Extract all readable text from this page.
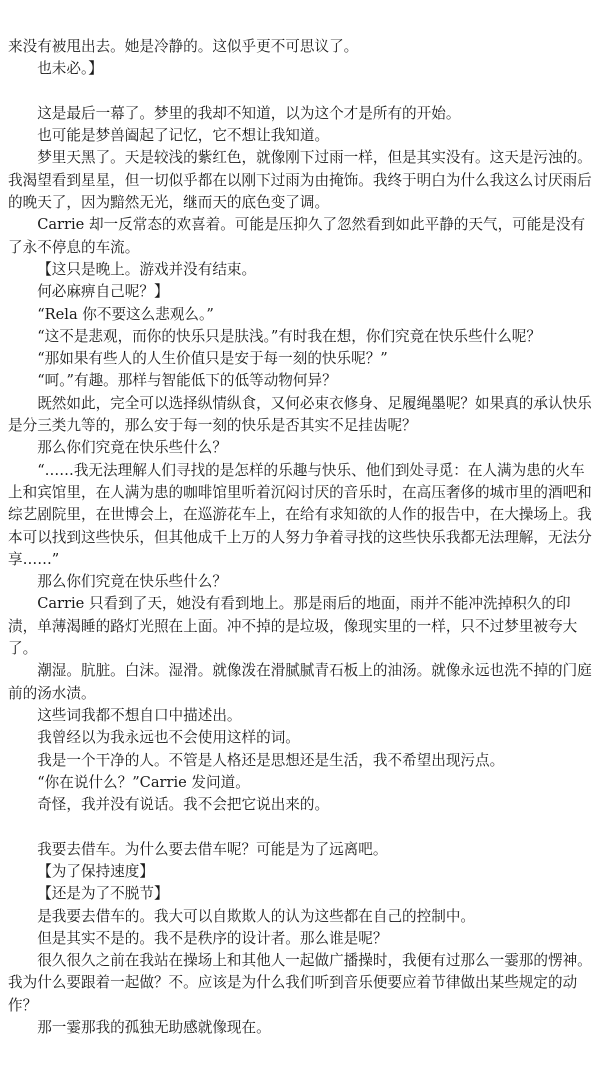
来没有被甩出去。她是冷静的。这似乎更不可思议了。

也未必。】

这是最后一幕了。梦里的我却不知道，以为这个才是所有的开始。

也可能是梦兽阖起了记忆，它不想让我知道。

梦里天黑了。天是较浅的紫红色，就像刚下过雨一样，但是其实没有。这天是污浊的。我渴望看到星星，但一切似乎都在以刚下过雨为由掩饰。我终于明白为什么我这么讨厌雨后的晚天了，因为黯然无光，继而天的底色变了调。

Carrie 却一反常态的欢喜着。可能是压抑久了忽然看到如此平静的天气，可能是没有了永不停息的车流。

【这只是晚上。游戏并没有结束。

何必麻痹自己呢？】

“Rela 你不要这么悲观么。”

“这不是悲观，而你的快乐只是肤浅。”有时我在想，你们究竟在快乐些什么呢？

“那如果有些人的人生价值只是安于每一刻的快乐呢？”

“呵。”有趣。那样与智能低下的低等动物何异？

既然如此，完全可以选择纵情纵食，又何必束衣修身、足履绳墨呢？如果真的承认快乐是分三类九等的，那么安于每一刻的快乐是否其实不足挂齿呢？

那么你们究竟在快乐些什么？

“……我无法理解人们寻找的是怎样的乐趣与快乐、他们到处寻觅：在人满为患的火车上和宾馆里，在人满为患的咖啡馆里听着沉闷讨厌的音乐时，在高压奢侈的城市里的酒吧和综艺剧院里，在世博会上，在巡游花车上，在给有求知欲的人作的报告中，在大操场上。我本可以找到这些快乐，但其他成千上万的人努力争着寻找的这些快乐我都无法理解，无法分享……”

那么你们究竟在快乐些什么？

Carrie 只看到了天，她没有看到地上。那是雨后的地面，雨并不能冲洗掉积久的印渍，单薄渴睡的路灯光照在上面。冲不掉的是垃圾，像现实里的一样，只不过梦里被夸大了。

潮湿。肮脏。白沫。湿滑。就像泼在滑腻腻青石板上的油汤。就像永远也洗不掉的门庭前的汤水渍。

这些词我都不想自口中描述出。

我曾经以为我永远也不会使用这样的词。

我是一个干净的人。不管是人格还是思想还是生活，我不希望出现污点。

“你在说什么？”Carrie 发问道。

奇怪，我并没有说话。我不会把它说出来的。

我要去借车。为什么要去借车呢？可能是为了远离吧。

【为了保持速度】

【还是为了不脱节】

是我要去借车的。我大可以自欺欺人的认为这些都在自己的控制中。

但是其实不是的。我不是秩序的设计者。那么谁是呢？

很久很久之前在我站在操场上和其他人一起做广播操时，我便有过那么一霎那的愣神。我为什么要跟着一起做？不。应该是为什么我们听到音乐便要应着节律做出某些规定的动作？

那一霎那我的孤独无助感就像现在。
